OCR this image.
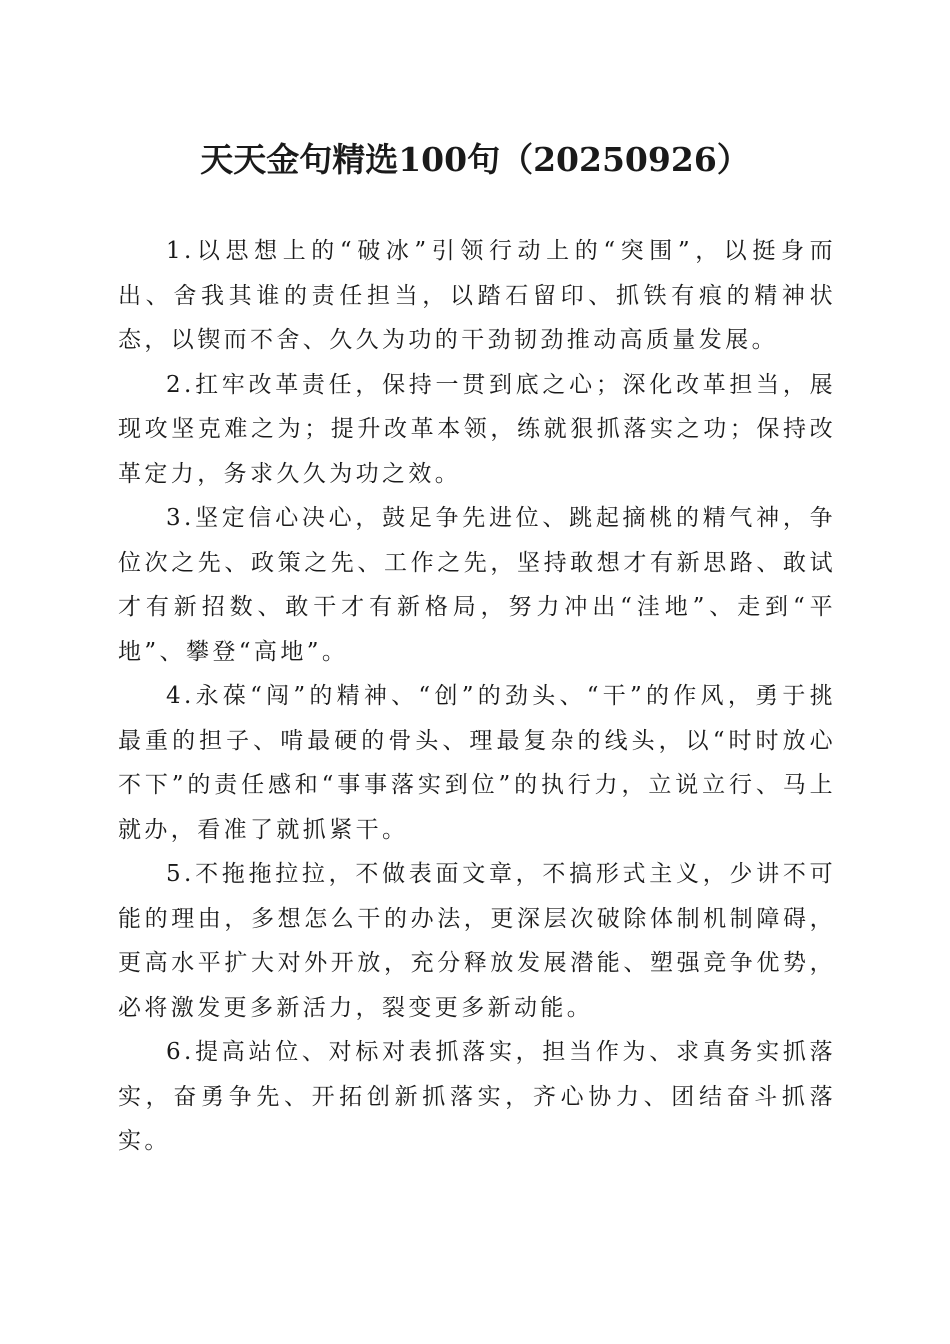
天天金句精选100句（20250926）

1.以思想上的“破冰”引领行动上的“突围”，以挺身而出、舍我其谁的责任担当，以踏石留印、抓铁有痕的精神状态，以锲而不舍、久久为功的干劲韧劲推动高质量发展。

2.扛牢改革责任，保持一贯到底之心；深化改革担当，展现攻坚克难之为；提升改革本领，练就狠抓落实之功；保持改革定力，务求久久为功之效。

3.坚定信心决心，鼓足争先进位、跳起摘桃的精气神，争位次之先、政策之先、工作之先，坚持敢想才有新思路、敢试才有新招数、敢干才有新格局，努力冲出“洼地”、走到“平地”、攀登“高地”。

4.永葆“闯”的精神、“创”的劲头、“干”的作风，勇于挑最重的担子、啃最硬的骨头、理最复杂的线头，以“时时放心不下”的责任感和“事事落实到位”的执行力，立说立行、马上就办，看准了就抓紧干。

5.不拖拖拉拉，不做表面文章，不搞形式主义，少讲不可能的理由，多想怎么干的办法，更深层次破除体制机制障碍，更高水平扩大对外开放，充分释放发展潜能、塑强竞争优势，必将激发更多新活力，裂变更多新动能。

6.提高站位、对标对表抓落实，担当作为、求真务实抓落实，奋勇争先、开拓创新抓落实，齐心协力、团结奋斗抓落实。
